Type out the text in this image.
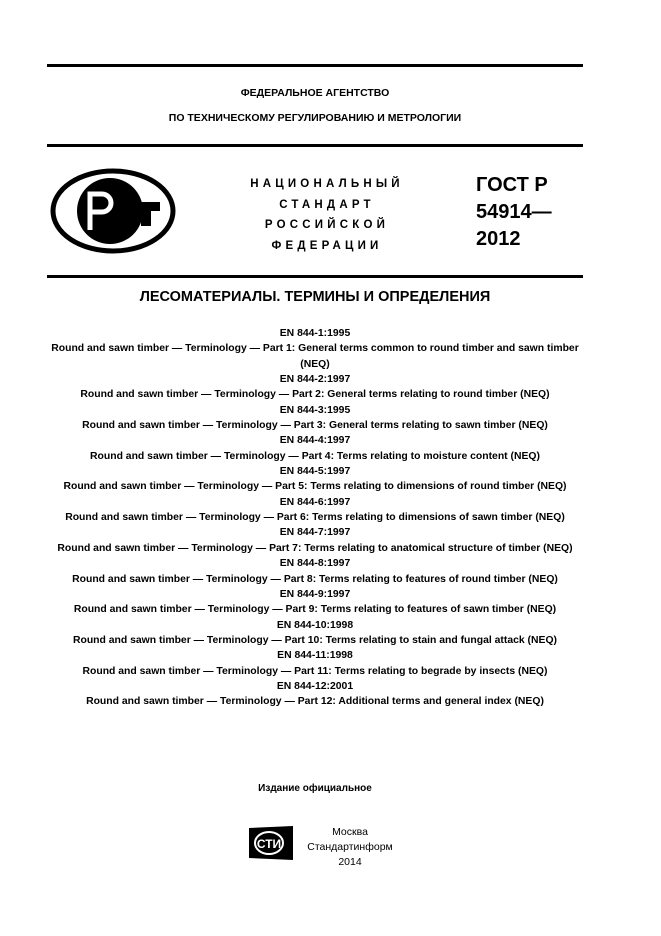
ФЕДЕРАЛЬНОЕ АГЕНТСТВО
ПО ТЕХНИЧЕСКОМУ РЕГУЛИРОВАНИЮ И МЕТРОЛОГИИ
НАЦИОНАЛЬНЫЙ
СТАНДАРТ
РОССИЙСКОЙ
ФЕДЕРАЦИИ
ГОСТ Р
54914—
2012
ЛЕСОМАТЕРИАЛЫ. ТЕРМИНЫ И ОПРЕДЕЛЕНИЯ
EN 844-1:1995
Round and sawn timber — Terminology — Part 1: General terms common to round timber and sawn timber (NEQ)
EN 844-2:1997
Round and sawn timber — Terminology — Part 2: General terms relating to round timber (NEQ)
EN 844-3:1995
Round and sawn timber — Terminology — Part 3: General terms relating to sawn timber (NEQ)
EN 844-4:1997
Round and sawn timber — Terminology — Part 4: Terms relating to moisture content (NEQ)
EN 844-5:1997
Round and sawn timber — Terminology — Part 5: Terms relating to dimensions of round timber (NEQ)
EN 844-6:1997
Round and sawn timber — Terminology — Part 6: Terms relating to dimensions of sawn timber (NEQ)
EN 844-7:1997
Round and sawn timber — Terminology — Part 7: Terms relating to anatomical structure of timber (NEQ)
EN 844-8:1997
Round and sawn timber — Terminology — Part 8: Terms relating to features of round timber (NEQ)
EN 844-9:1997
Round and sawn timber — Terminology — Part 9: Terms relating to features of sawn timber (NEQ)
EN 844-10:1998
Round and sawn timber — Terminology — Part 10: Terms relating to stain and fungal attack (NEQ)
EN 844-11:1998
Round and sawn timber — Terminology — Part 11: Terms relating to begrade by insects (NEQ)
EN 844-12:2001
Round and sawn timber — Terminology — Part 12: Additional terms and general index (NEQ)
Издание официальное
СТИ
Москва
Стандартинформ
2014
